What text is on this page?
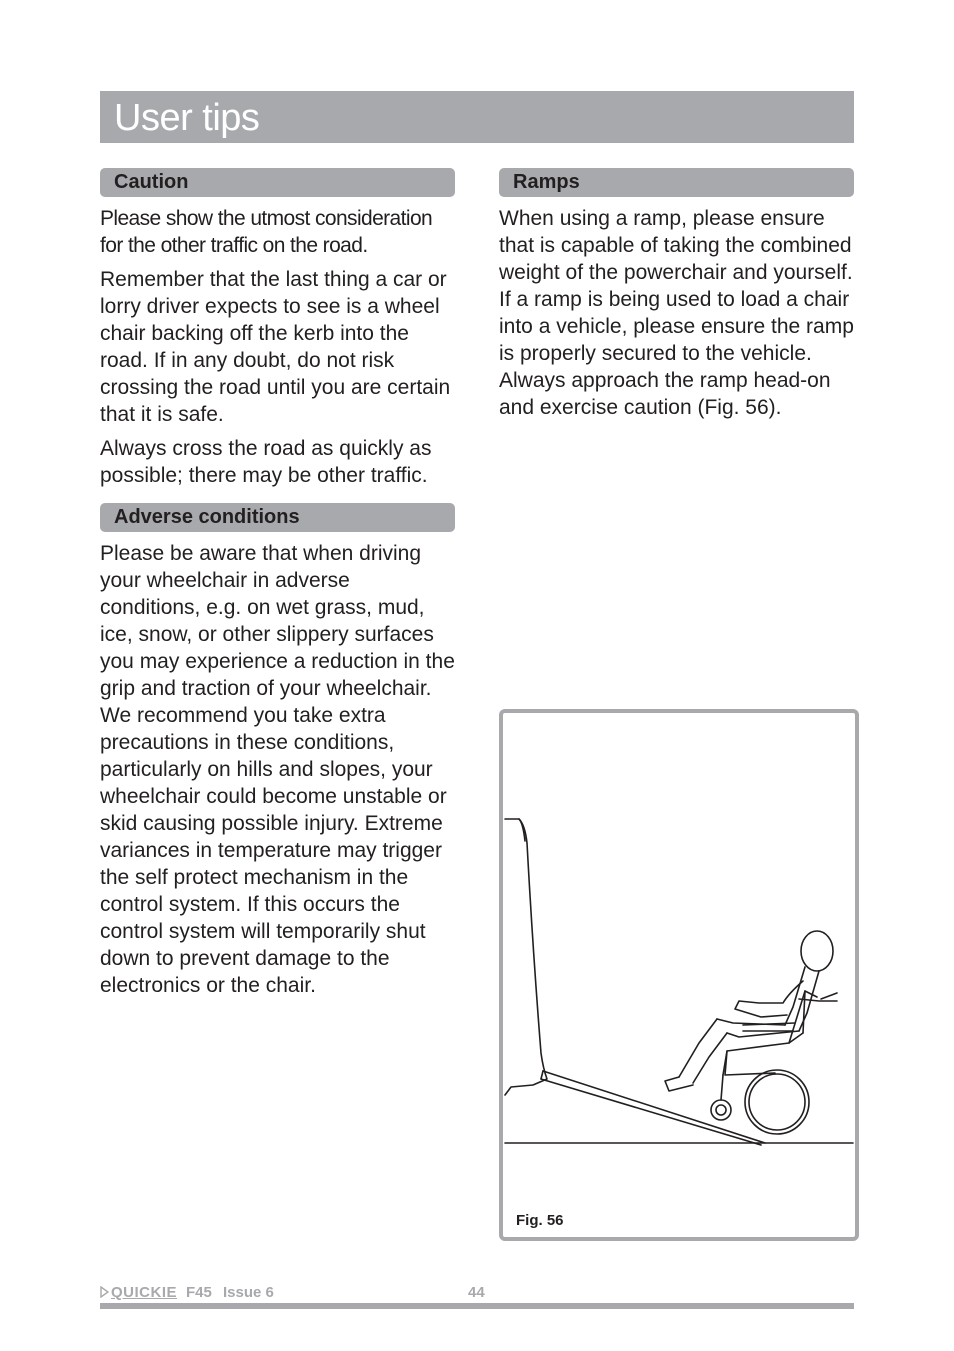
User tips
Caution

Please show the utmost consideration for the other traffic on the road.

Remember that the last thing a car or lorry driver expects to see is a wheel chair backing off the kerb into the road. If in any doubt, do not risk crossing the road until you are certain that it is safe.

Always cross the road as quickly as possible; there may be other traffic.

Adverse conditions

Please be aware that when driving your wheelchair in adverse conditions, e.g. on wet grass, mud, ice, snow, or other slippery surfaces you may experience a reduction in the grip and traction of your wheelchair. We recommend you take extra precautions in these conditions, particularly on hills and slopes, your wheelchair could become unstable or skid causing possible injury. Extreme variances in temperature may trigger the self protect mechanism in the control system. If this occurs the control system will temporarily shut down to prevent damage to the electronics or the chair.

Ramps

When using a ramp, please ensure that is capable of taking the combined weight of the powerchair and yourself. If a ramp is being used to load a chair into a vehicle, please ensure the ramp is properly secured to the vehicle. Always approach the ramp head-on and exercise caution (Fig. 56).

Fig. 56
QUICKIE F45 Issue 6	44
